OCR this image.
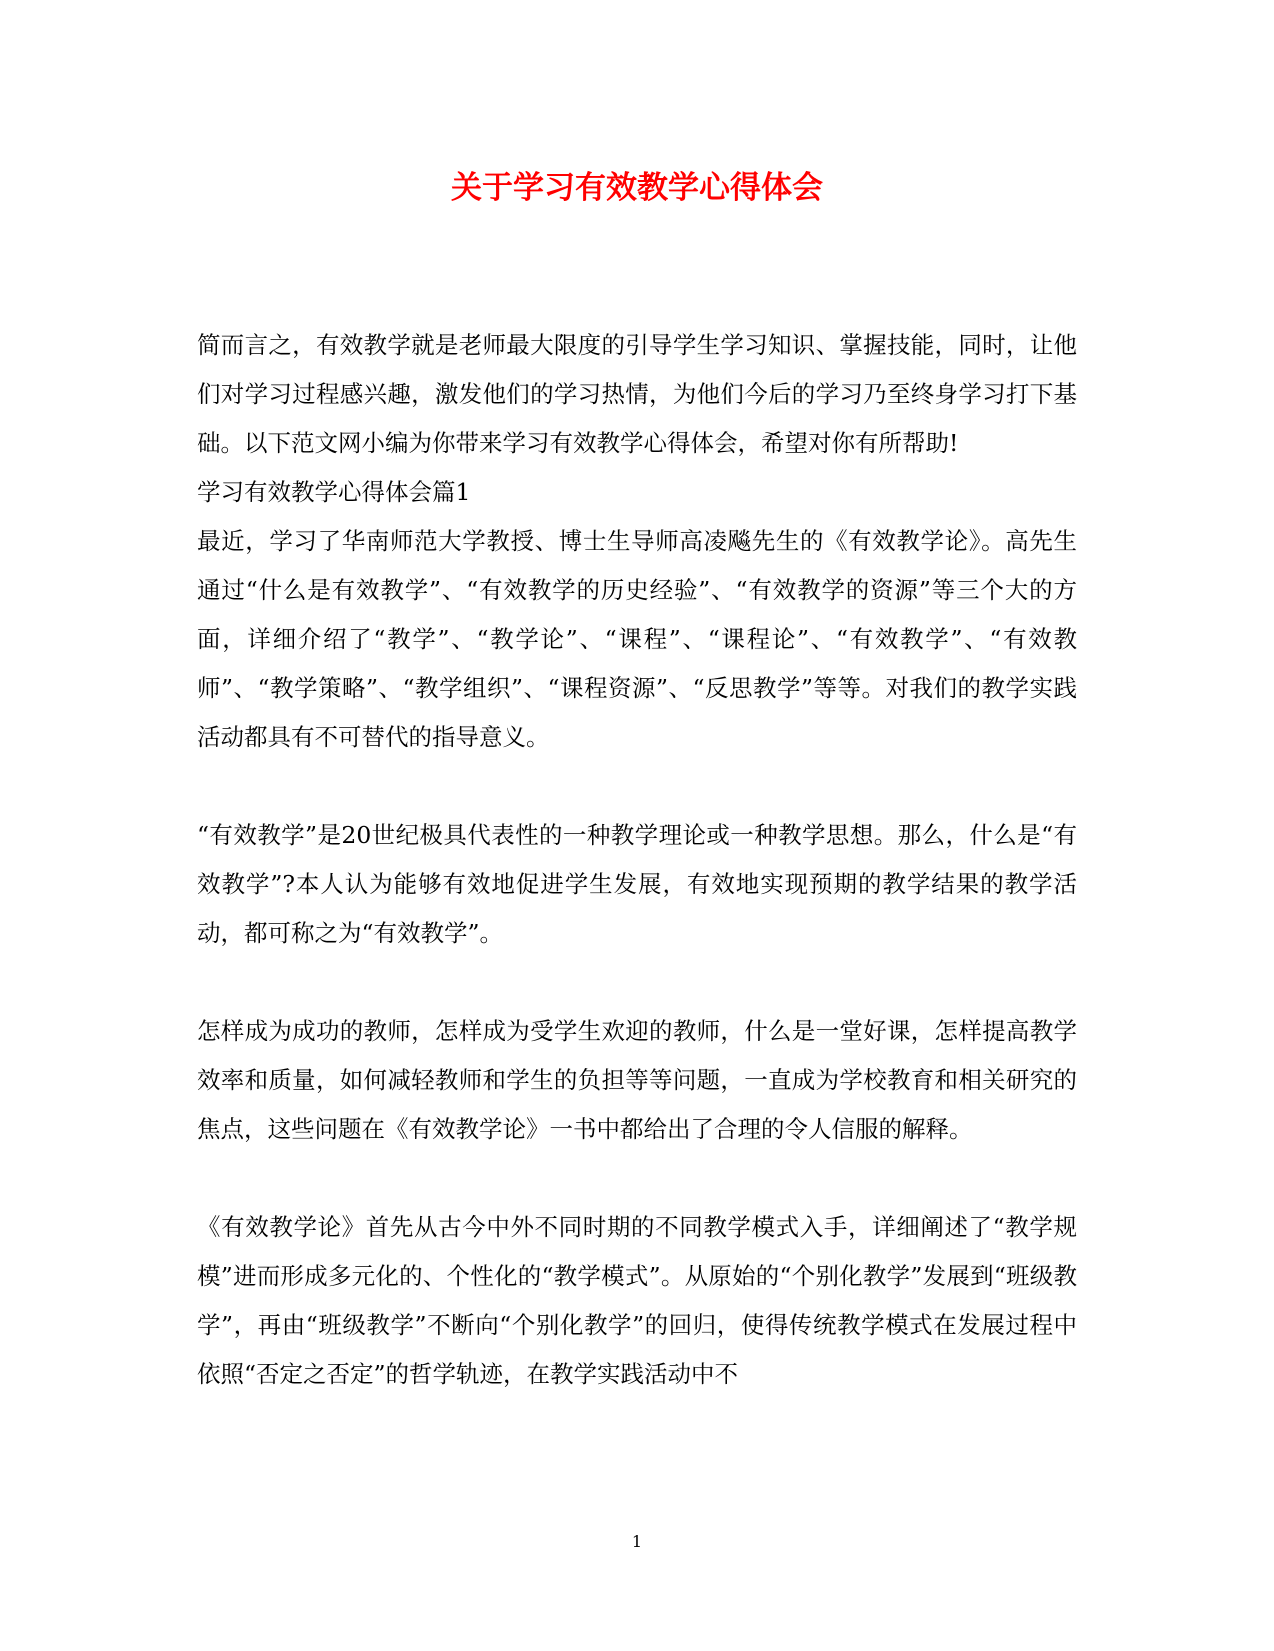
关于学习有效教学心得体会

简而言之，有效教学就是老师最大限度的引导学生学习知识、掌握技能，同时，让他们对学习过程感兴趣，激发他们的学习热情，为他们今后的学习乃至终身学习打下基础。以下范文网小编为你带来学习有效教学心得体会，希望对你有所帮助!

学习有效教学心得体会篇1

最近，学习了华南师范大学教授、博士生导师高凌飚先生的《有效教学论》。高先生通过“什么是有效教学”、“有效教学的历史经验”、“有效教学的资源”等三个大的方面，详细介绍了“教学”、“教学论”、“课程”、“课程论”、“有效教学”、“有效教师”、“教学策略”、“教学组织”、“课程资源”、“反思教学”等等。对我们的教学实践活动都具有不可替代的指导意义。

“有效教学”是20世纪极具代表性的一种教学理论或一种教学思想。那么，什么是“有效教学”?本人认为能够有效地促进学生发展，有效地实现预期的教学结果的教学活动，都可称之为“有效教学”。

怎样成为成功的教师，怎样成为受学生欢迎的教师，什么是一堂好课，怎样提高教学效率和质量，如何减轻教师和学生的负担等等问题，一直成为学校教育和相关研究的焦点，这些问题在《有效教学论》一书中都给出了合理的令人信服的解释。

《有效教学论》首先从古今中外不同时期的不同教学模式入手，详细阐述了“教学规模”进而形成多元化的、个性化的“教学模式”。从原始的“个别化教学”发展到“班级教学”，再由“班级教学”不断向“个别化教学”的回归，使得传统教学模式在发展过程中依照“否定之否定”的哲学轨迹，在教学实践活动中不

1
